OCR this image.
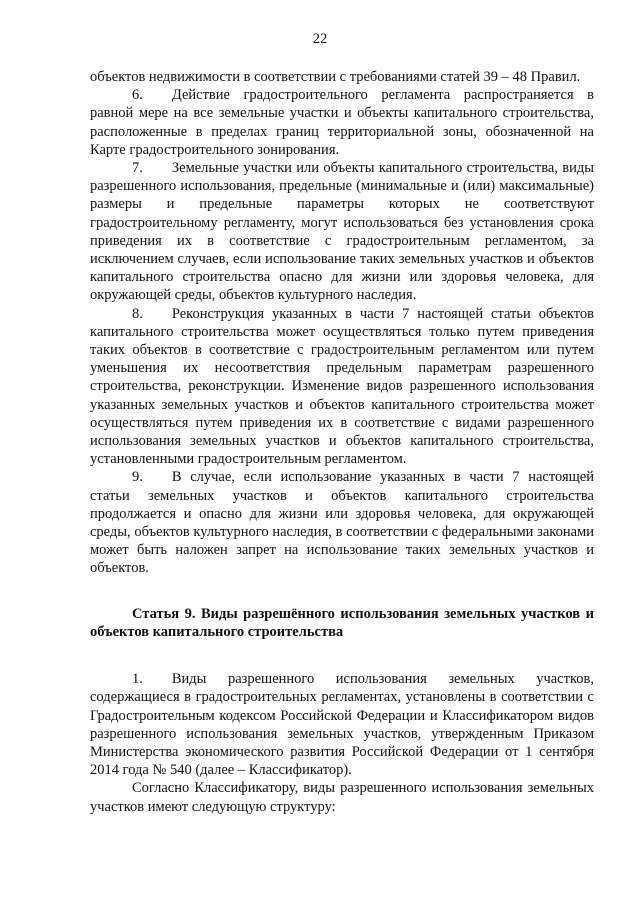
22

объектов недвижимости в соответствии с требованиями статей 39 – 48 Правил.

6.  Действие градостроительного регламента распространяется в равной мере на все земельные участки и объекты капитального строительства, расположенные в пределах границ территориальной зоны, обозначенной на Карте градостроительного зонирования.

7.  Земельные участки или объекты капитального строительства, виды разрешенного использования, предельные (минимальные и (или) максимальные) размеры и предельные параметры которых не соответствуют градостроительному регламенту, могут использоваться без установления срока приведения их в соответствие с градостроительным регламентом, за исключением случаев, если использование таких земельных участков и объектов капитального строительства опасно для жизни или здоровья человека, для окружающей среды, объектов культурного наследия.

8.  Реконструкция указанных в части 7 настоящей статьи объектов капитального строительства может осуществляться только путем приведения таких объектов в соответствие с градостроительным регламентом или путем уменьшения их несоответствия предельным параметрам разрешенного строительства, реконструкции. Изменение видов разрешенного использования указанных земельных участков и объектов капитального строительства может осуществляться путем приведения их в соответствие с видами разрешенного использования земельных участков и объектов капитального строительства, установленными градостроительным регламентом.

9.  В случае, если использование указанных в части 7 настоящей статьи земельных участков и объектов капитального строительства продолжается и опасно для жизни или здоровья человека, для окружающей среды, объектов культурного наследия, в соответствии с федеральными законами может быть наложен запрет на использование таких земельных участков и объектов.

Статья 9. Виды разрешённого использования земельных участков и объектов капитального строительства

1.  Виды разрешенного использования земельных участков, содержащиеся в градостроительных регламентах, установлены в соответствии с Градостроительным кодексом Российской Федерации и Классификатором видов разрешенного использования земельных участков, утвержденным Приказом Министерства экономического развития Российской Федерации от 1 сентября 2014 года № 540 (далее – Классификатор).

Согласно Классификатору, виды разрешенного использования земельных участков имеют следующую структуру:
